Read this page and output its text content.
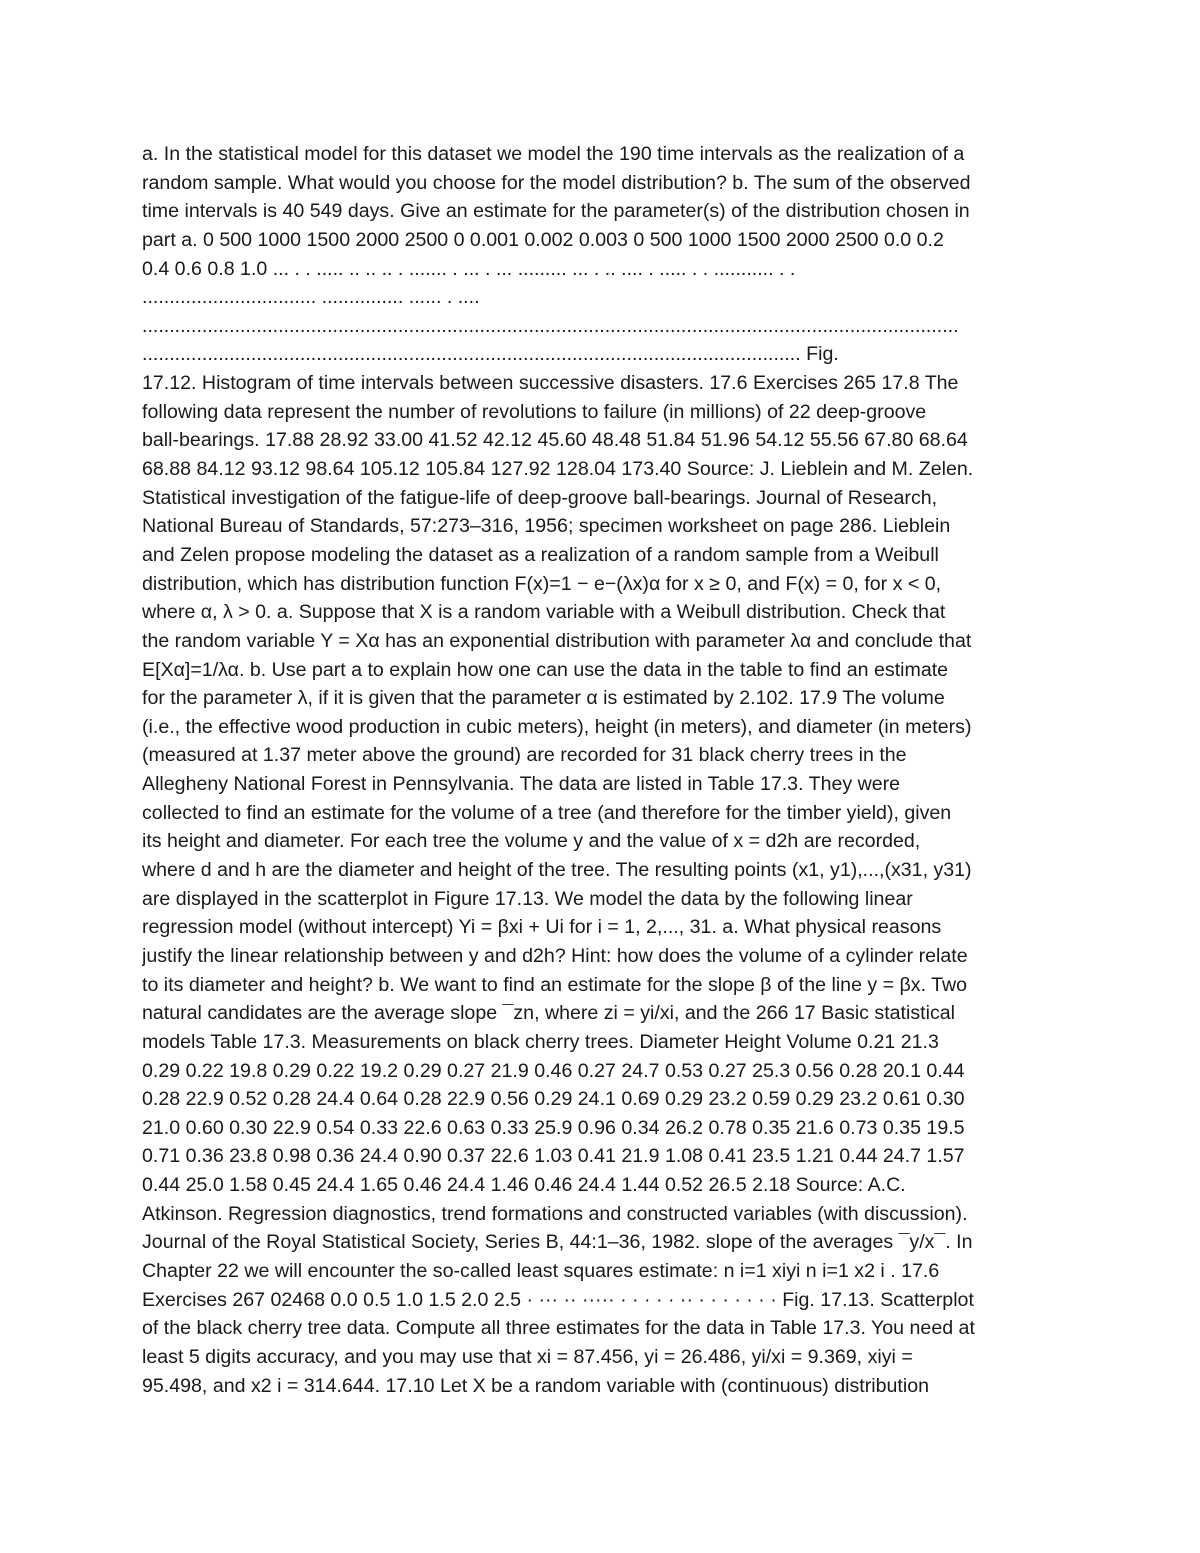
a. In the statistical model for this dataset we model the 190 time intervals as the realization of a
random sample. What would you choose for the model distribution? b. The sum of the observed
time intervals is 40 549 days. Give an estimate for the parameter(s) of the distribution chosen in
part a. 0 500 1000 1500 2000 2500 0 0.001 0.002 0.003 0 500 1000 1500 2000 2500 0.0 0.2
0.4 0.6 0.8 1.0 ... . . ..... .. .. .. . ....... . ... . ... ......... ... . .. .... . ..... . . ........... . .
................................ ............... ...... . ....
......................................................................................................................................................
......................................................................................................................... Fig.
17.12. Histogram of time intervals between successive disasters. 17.6 Exercises 265 17.8 The
following data represent the number of revolutions to failure (in millions) of 22 deep-groove
ball-bearings. 17.88 28.92 33.00 41.52 42.12 45.60 48.48 51.84 51.96 54.12 55.56 67.80 68.64
68.88 84.12 93.12 98.64 105.12 105.84 127.92 128.04 173.40 Source: J. Lieblein and M. Zelen.
Statistical investigation of the fatigue-life of deep-groove ball-bearings. Journal of Research,
National Bureau of Standards, 57:273–316, 1956; specimen worksheet on page 286. Lieblein
and Zelen propose modeling the dataset as a realization of a random sample from a Weibull
distribution, which has distribution function F(x)=1 − e−(λx)α for x ≥ 0, and F(x) = 0, for x < 0,
where α, λ > 0. a. Suppose that X is a random variable with a Weibull distribution. Check that
the random variable Y = Xα has an exponential distribution with parameter λα and conclude that
E[Xα]=1/λα. b. Use part a to explain how one can use the data in the table to find an estimate
for the parameter λ, if it is given that the parameter α is estimated by 2.102. 17.9 The volume
(i.e., the effective wood production in cubic meters), height (in meters), and diameter (in meters)
(measured at 1.37 meter above the ground) are recorded for 31 black cherry trees in the
Allegheny National Forest in Pennsylvania. The data are listed in Table 17.3. They were
collected to find an estimate for the volume of a tree (and therefore for the timber yield), given
its height and diameter. For each tree the volume y and the value of x = d2h are recorded,
where d and h are the diameter and height of the tree. The resulting points (x1, y1),...,(x31, y31)
are displayed in the scatterplot in Figure 17.13. We model the data by the following linear
regression model (without intercept) Yi = βxi + Ui for i = 1, 2,..., 31. a. What physical reasons
justify the linear relationship between y and d2h? Hint: how does the volume of a cylinder relate
to its diameter and height? b. We want to find an estimate for the slope β of the line y = βx. Two
natural candidates are the average slope ¯zn, where zi = yi/xi, and the 266 17 Basic statistical
models Table 17.3. Measurements on black cherry trees. Diameter Height Volume 0.21 21.3
0.29 0.22 19.8 0.29 0.22 19.2 0.29 0.27 21.9 0.46 0.27 24.7 0.53 0.27 25.3 0.56 0.28 20.1 0.44
0.28 22.9 0.52 0.28 24.4 0.64 0.28 22.9 0.56 0.29 24.1 0.69 0.29 23.2 0.59 0.29 23.2 0.61 0.30
21.0 0.60 0.30 22.9 0.54 0.33 22.6 0.63 0.33 25.9 0.96 0.34 26.2 0.78 0.35 21.6 0.73 0.35 19.5
0.71 0.36 23.8 0.98 0.36 24.4 0.90 0.37 22.6 1.03 0.41 21.9 1.08 0.41 23.5 1.21 0.44 24.7 1.57
0.44 25.0 1.58 0.45 24.4 1.65 0.46 24.4 1.46 0.46 24.4 1.44 0.52 26.5 2.18 Source: A.C.
Atkinson. Regression diagnostics, trend formations and constructed variables (with discussion).
Journal of the Royal Statistical Society, Series B, 44:1–36, 1982. slope of the averages ¯y/x¯. In
Chapter 22 we will encounter the so-called least squares estimate: n i=1 xiyi n i=1 x2 i . 17.6
Exercises 267 02468 0.0 0.5 1.0 1.5 2.0 2.5 · ··· ·· ····· · · · · · ·· · · · · · · · Fig. 17.13. Scatterplot
of the black cherry tree data. Compute all three estimates for the data in Table 17.3. You need at
least 5 digits accuracy, and you may use that xi = 87.456, yi = 26.486, yi/xi = 9.369, xiyi =
95.498, and x2 i = 314.644. 17.10 Let X be a random variable with (continuous) distribution
